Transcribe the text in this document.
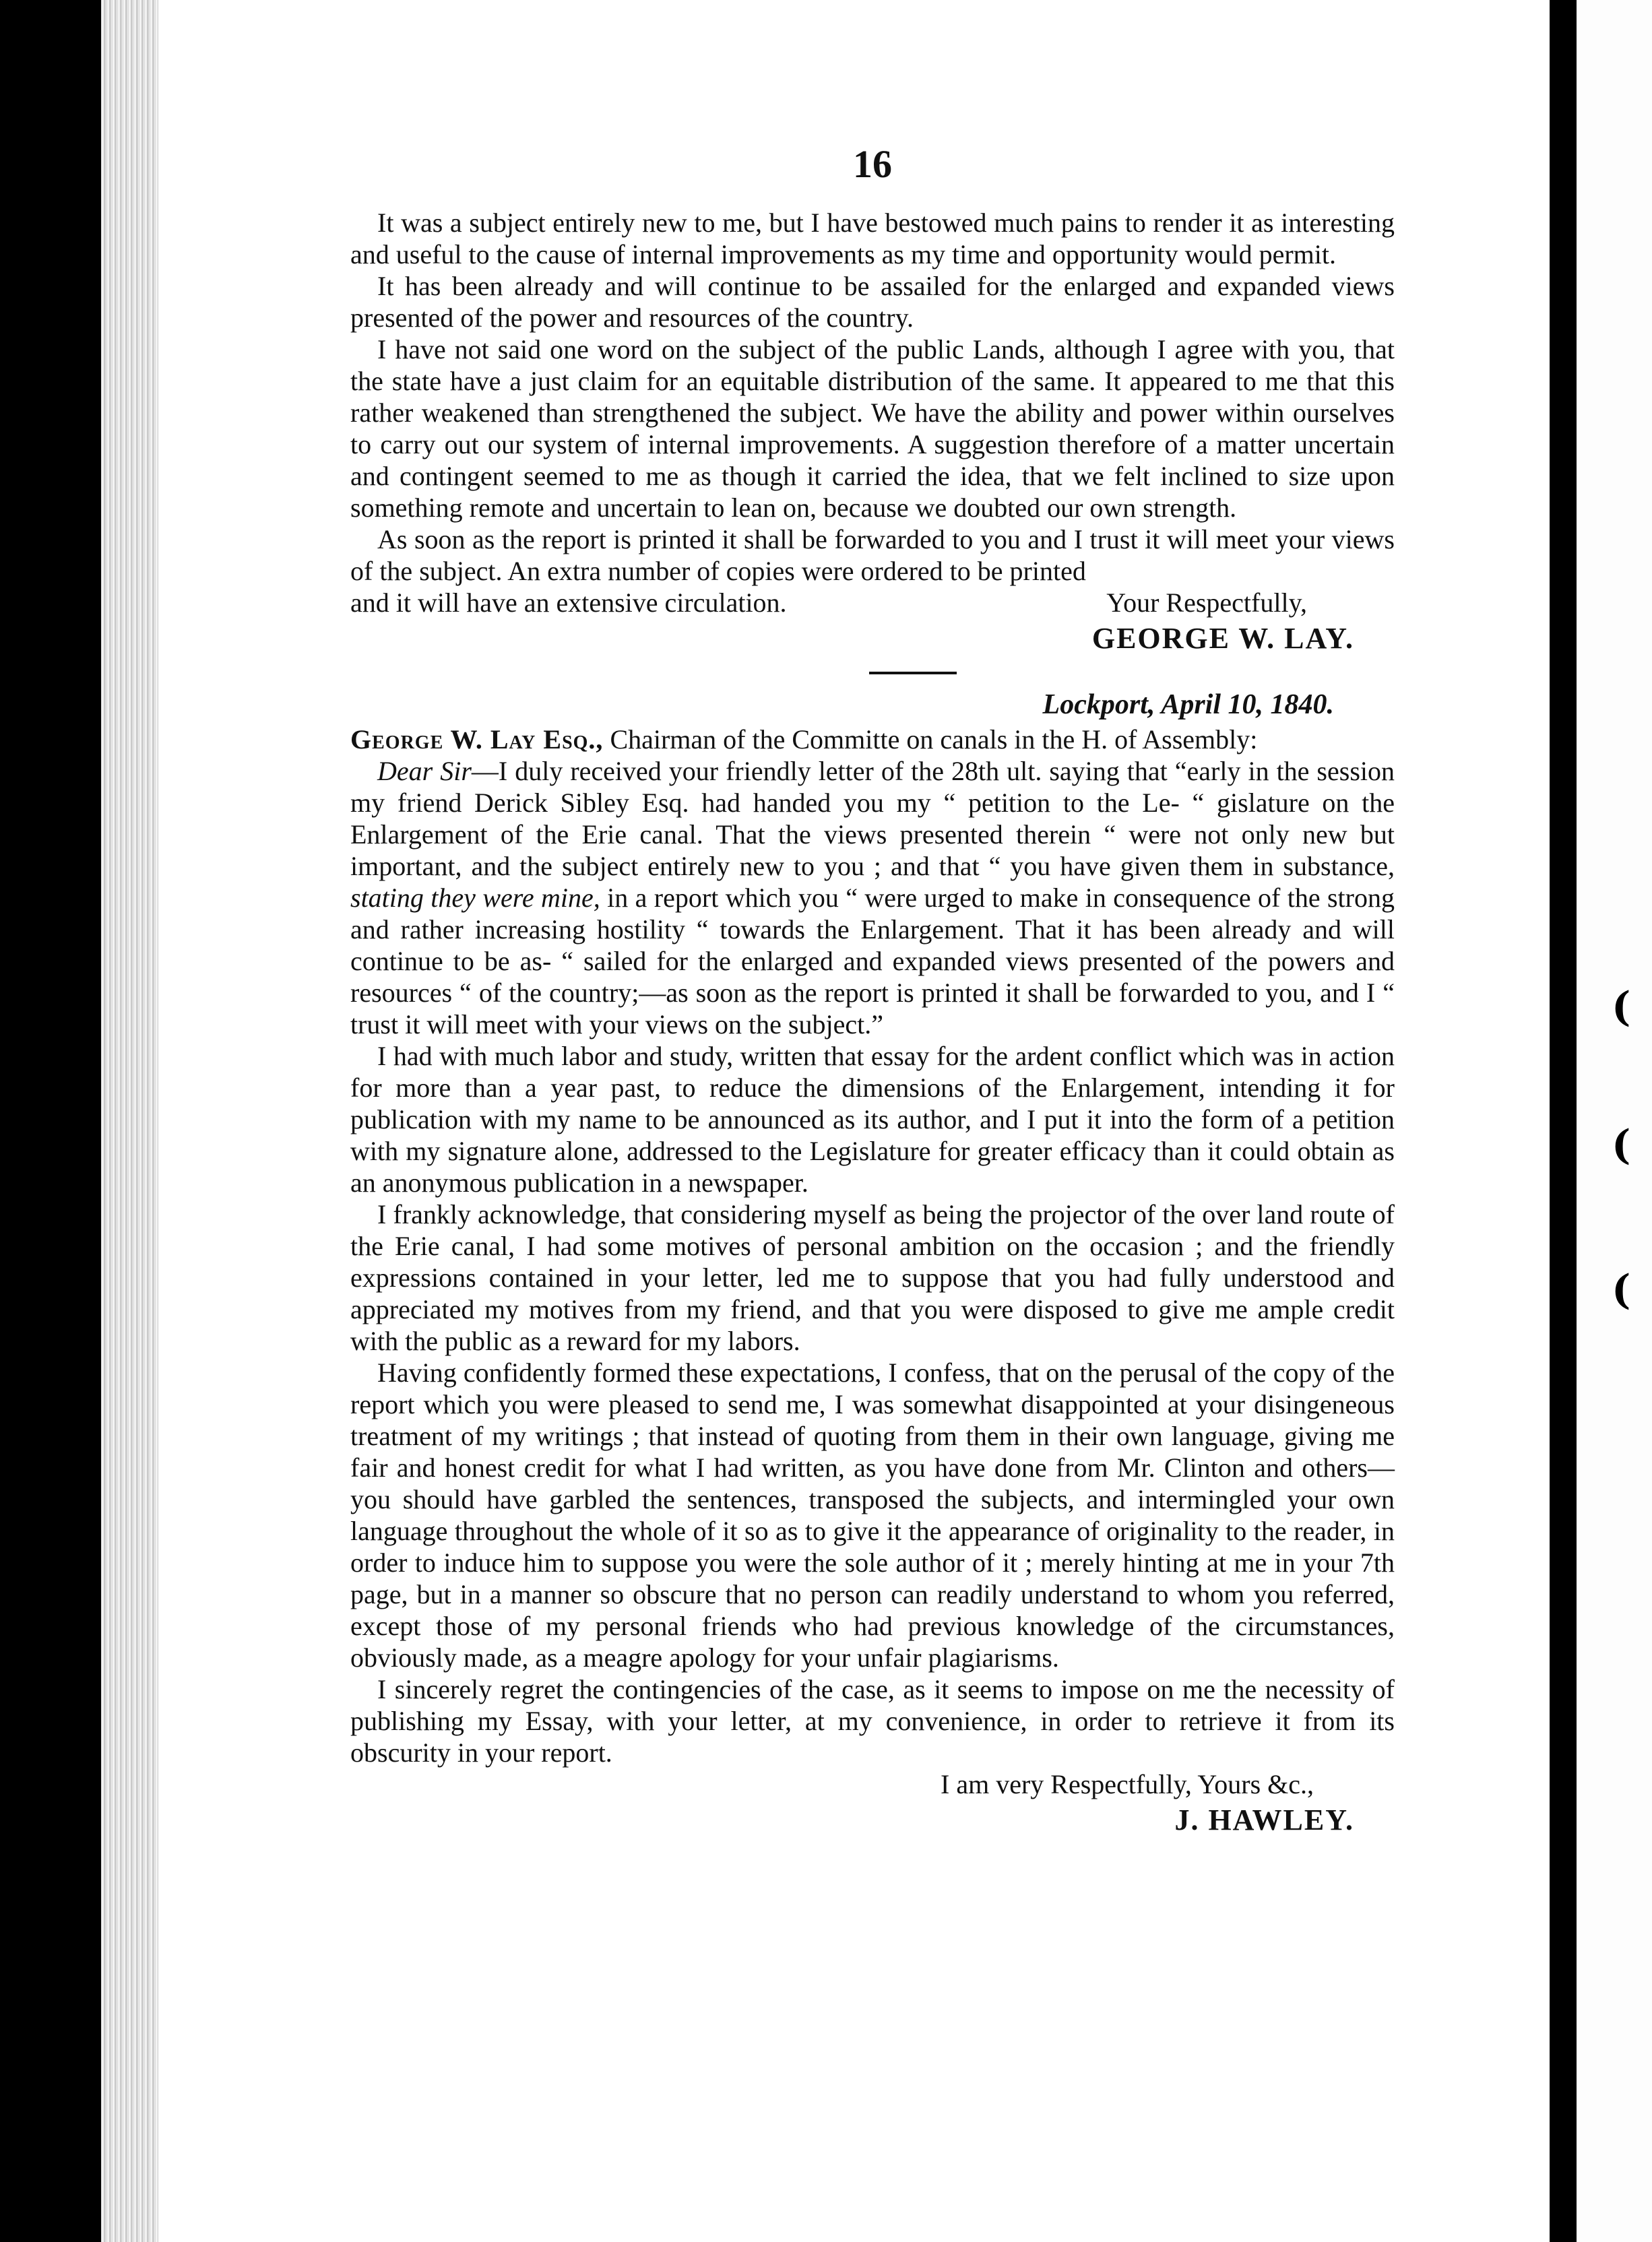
(
(
(
16

It was a subject entirely new to me, but I have bestowed much pains to render it as interesting and useful to the cause of internal improvements as my time and opportunity would permit.

It has been already and will continue to be assailed for the enlarged and expanded views presented of the power and resources of the country.

I have not said one word on the subject of the public Lands, although I agree with you, that the state have a just claim for an equitable distribution of the same. It appeared to me that this rather weakened than strengthened the subject. We have the ability and power within ourselves to carry out our system of internal improvements. A suggestion therefore of a matter uncertain and contingent seemed to me as though it carried the idea, that we felt inclined to size upon something remote and uncertain to lean on, because we doubted our own strength.

As soon as the report is printed it shall be forwarded to you and I trust it will meet your views of the subject. An extra number of copies were ordered to be printed

and it will have an extensive circulation.	Your Respectfully,

GEORGE W. LAY.
Lockport, April 10, 1840.

George W. Lay Esq., Chairman of the Committe on canals in the H. of Assembly:

Dear Sir—I duly received your friendly letter of the 28th ult. saying that “early in the session my friend Derick Sibley Esq. had handed you my “ petition to the Le- “ gislature on the Enlargement of the Erie canal. That the views presented therein “ were not only new but important, and the subject entirely new to you ; and that “ you have given them in substance, stating they were mine, in a report which you “ were urged to make in consequence of the strong and rather increasing hostility “ towards the Enlargement. That it has been already and will continue to be as- “ sailed for the enlarged and expanded views presented of the powers and resources “ of the country;—as soon as the report is printed it shall be forwarded to you, and I “ trust it will meet with your views on the subject.”

I had with much labor and study, written that essay for the ardent conflict which was in action for more than a year past, to reduce the dimensions of the Enlargement, intending it for publication with my name to be announced as its author, and I put it into the form of a petition with my signature alone, addressed to the Legislature for greater efficacy than it could obtain as an anonymous publication in a newspaper.

I frankly acknowledge, that considering myself as being the projector of the over land route of the Erie canal, I had some motives of personal ambition on the occasion ; and the friendly expressions contained in your letter, led me to suppose that you had fully understood and appreciated my motives from my friend, and that you were disposed to give me ample credit with the public as a reward for my labors.

Having confidently formed these expectations, I confess, that on the perusal of the copy of the report which you were pleased to send me, I was somewhat disappointed at your disingeneous treatment of my writings ; that instead of quoting from them in their own language, giving me fair and honest credit for what I had written, as you have done from Mr. Clinton and others—you should have garbled the sentences, transposed the subjects, and intermingled your own language throughout the whole of it so as to give it the appearance of originality to the reader, in order to induce him to suppose you were the sole author of it ; merely hinting at me in your 7th page, but in a manner so obscure that no person can readily understand to whom you referred, except those of my personal friends who had previous knowledge of the circumstances, obviously made, as a meagre apology for your unfair plagiarisms.

I sincerely regret the contingencies of the case, as it seems to impose on me the necessity of publishing my Essay, with your letter, at my convenience, in order to retrieve it from its obscurity in your report.

I am very Respectfully, Yours &c.,

J. HAWLEY.
